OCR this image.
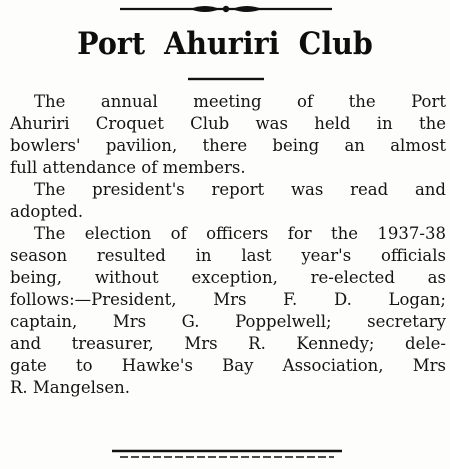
Port Ahuriri Club
The annual meeting of the Port
Ahuriri Croquet Club was held in the
bowlers' pavilion, there being an almost
full attendance of members.
The president's report was read and
adopted.
The election of officers for the 1937-38
season resulted in last year's officials
being, without exception, re-elected as
follows:—President, Mrs F. D. Logan;
captain, Mrs G. Poppelwell; secretary
and treasurer, Mrs R. Kennedy; dele-
gate to Hawke's Bay Association, Mrs
R. Mangelsen.
